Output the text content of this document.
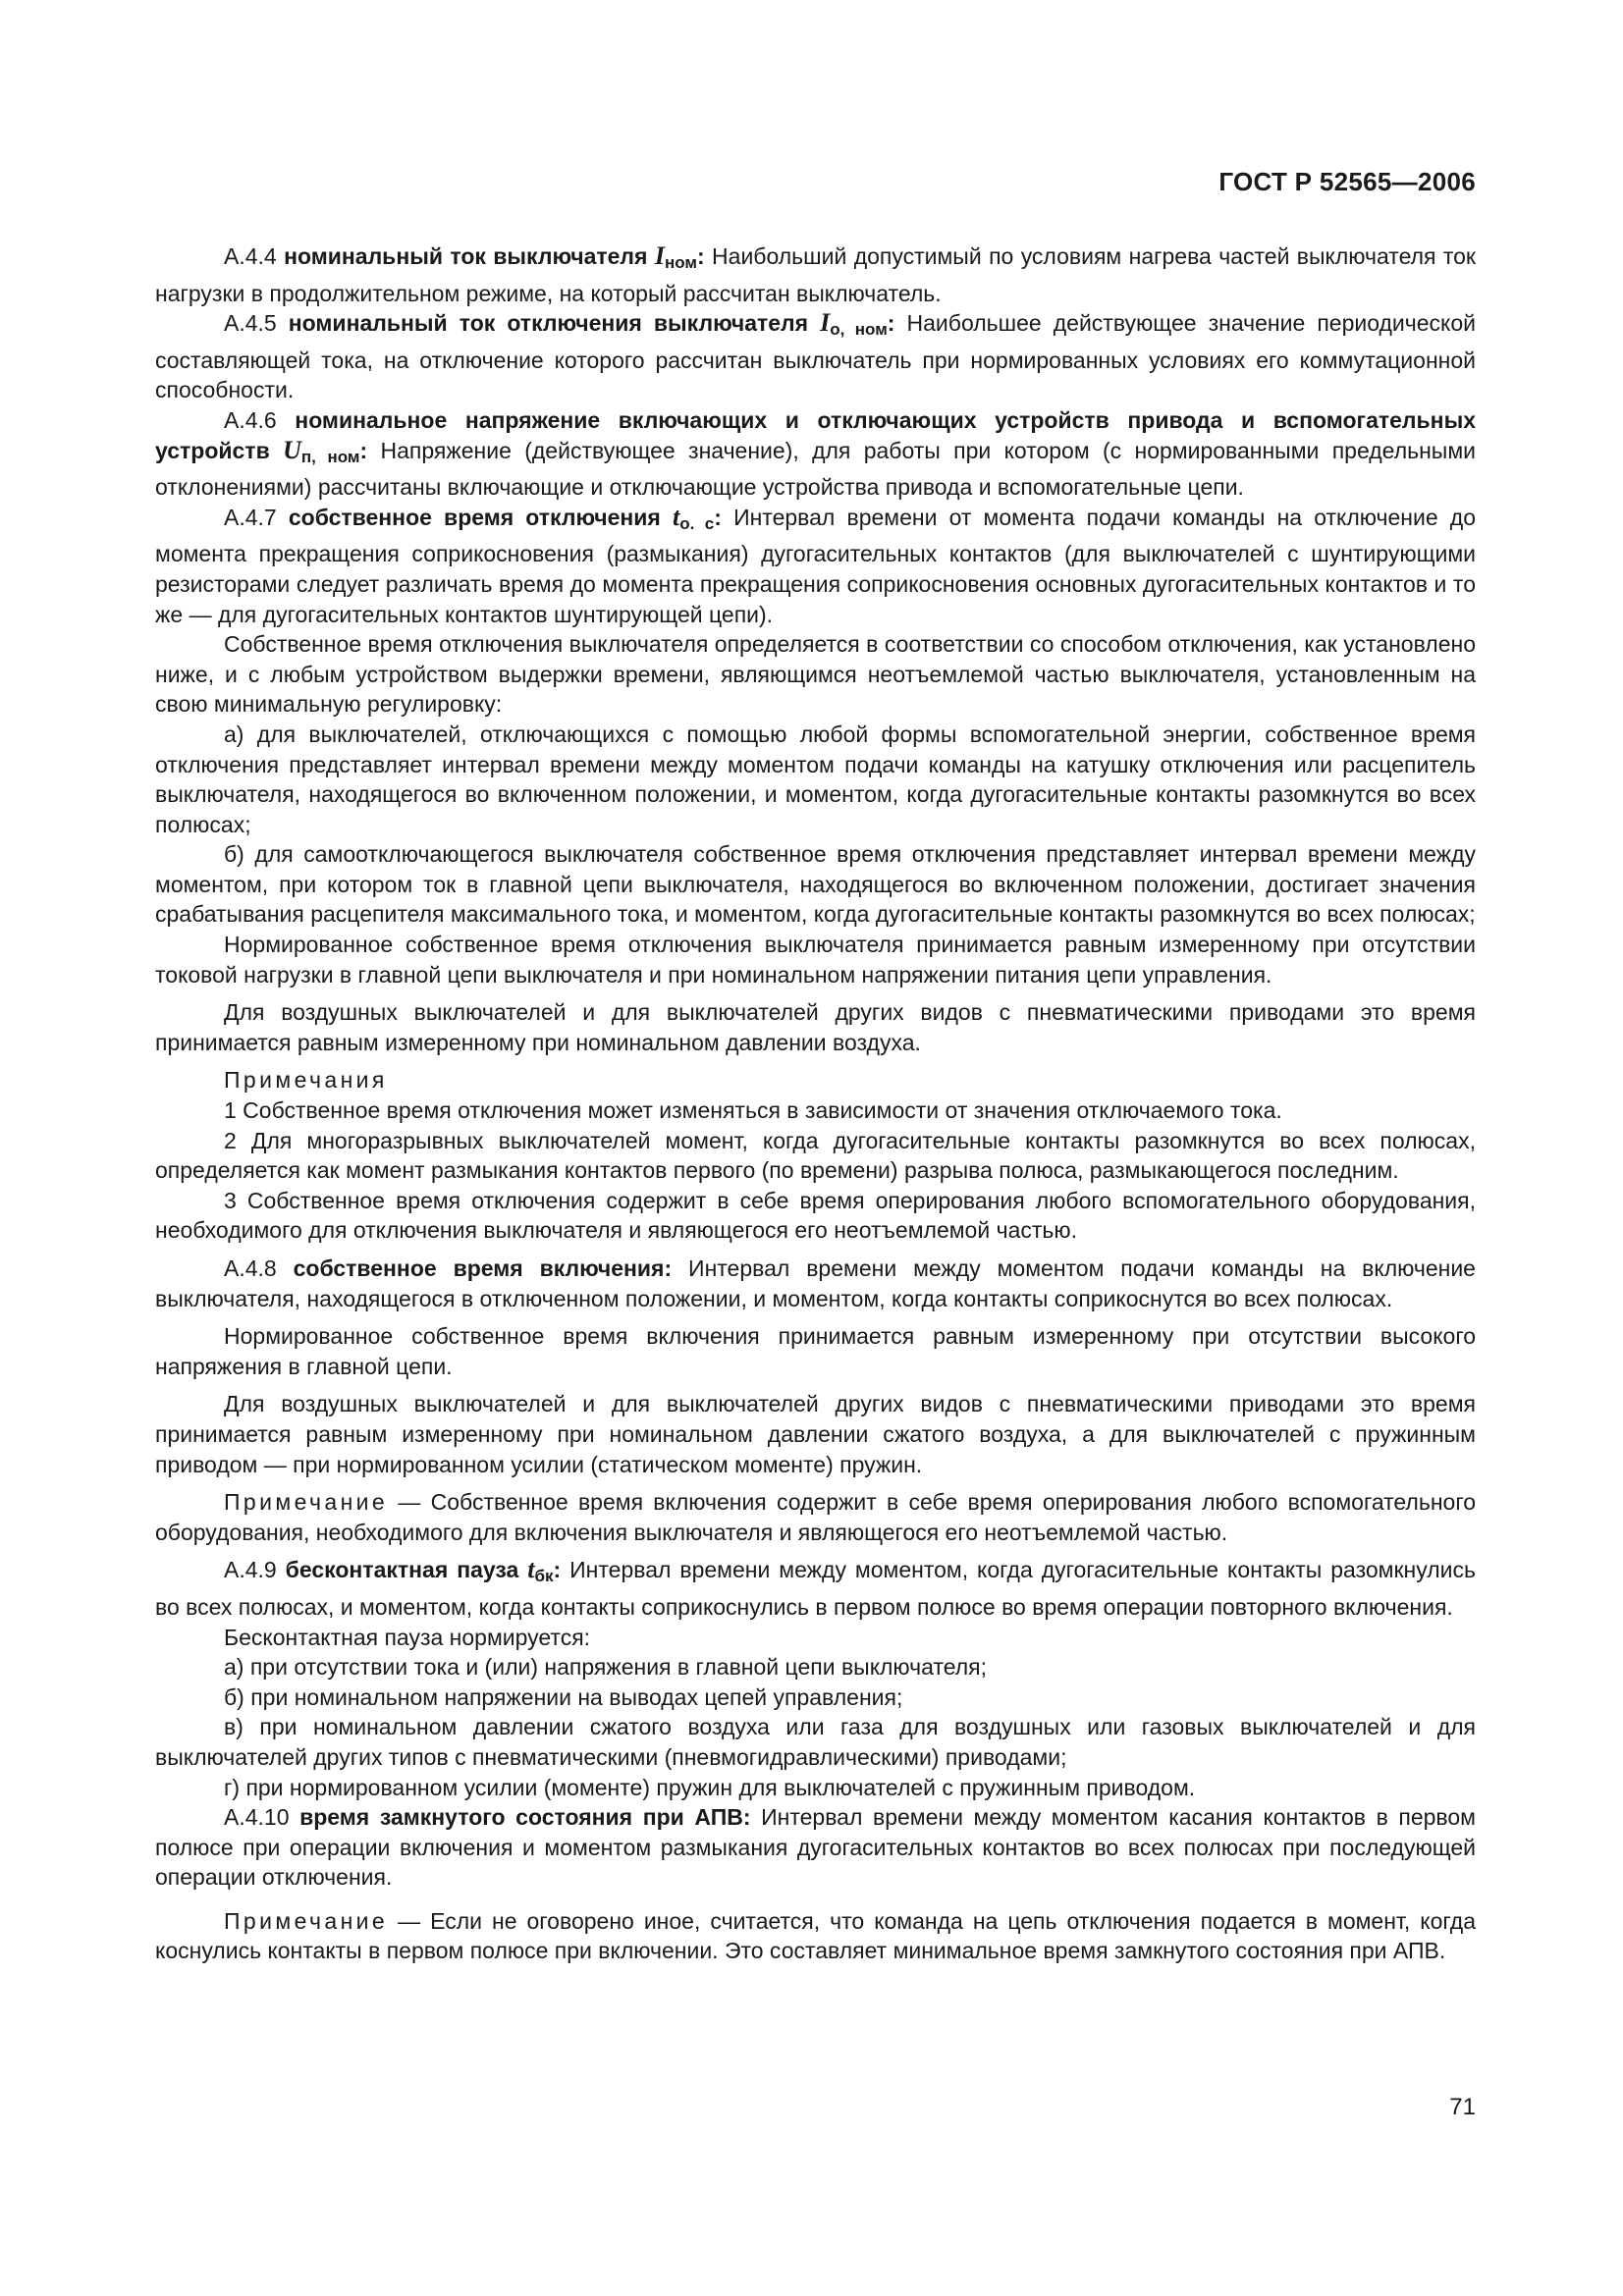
ГОСТ Р 52565—2006

А.4.4 номинальный ток выключателя $I_{ном}$: Наибольший допустимый по условиям нагрева частей выключателя ток нагрузки в продолжительном режиме, на который рассчитан выключатель.

А.4.5 номинальный ток отключения выключателя $I_{о, ном}$: Наибольшее действующее значение периодической составляющей тока, на отключение которого рассчитан выключатель при нормированных условиях его коммутационной способности.

А.4.6 номинальное напряжение включающих и отключающих устройств привода и вспомогательных устройств $U_{п, ном}$: Напряжение (действующее значение), для работы при котором (с нормированными предельными отклонениями) рассчитаны включающие и отключающие устройства привода и вспомогательные цепи.

А.4.7 собственное время отключения $t_{о. с}$: Интервал времени от момента подачи команды на отключение до момента прекращения соприкосновения (размыкания) дугогасительных контактов (для выключателей с шунтирующими резисторами следует различать время до момента прекращения соприкосновения основных дугогасительных контактов и то же — для дугогасительных контактов шунтирующей цепи).

Собственное время отключения выключателя определяется в соответствии со способом отключения, как установлено ниже, и с любым устройством выдержки времени, являющимся неотъемлемой частью выключателя, установленным на свою минимальную регулировку:

а) для выключателей, отключающихся с помощью любой формы вспомогательной энергии, собственное время отключения представляет интервал времени между моментом подачи команды на катушку отключения или расцепитель выключателя, находящегося во включенном положении, и моментом, когда дугогасительные контакты разомкнутся во всех полюсах;

б) для самоотключающегося выключателя собственное время отключения представляет интервал времени между моментом, при котором ток в главной цепи выключателя, находящегося во включенном положении, достигает значения срабатывания расцепителя максимального тока, и моментом, когда дугогасительные контакты разомкнутся во всех полюсах;

Нормированное собственное время отключения выключателя принимается равным измеренному при отсутствии токовой нагрузки в главной цепи выключателя и при номинальном напряжении питания цепи управления.

Для воздушных выключателей и для выключателей других видов с пневматическими приводами это время принимается равным измеренному при номинальном давлении воздуха.

Примечания

1 Собственное время отключения может изменяться в зависимости от значения отключаемого тока.

2 Для многоразрывных выключателей момент, когда дугогасительные контакты разомкнутся во всех полюсах, определяется как момент размыкания контактов первого (по времени) разрыва полюса, размыкающегося последним.

3 Собственное время отключения содержит в себе время оперирования любого вспомогательного оборудования, необходимого для отключения выключателя и являющегося его неотъемлемой частью.

А.4.8 собственное время включения: Интервал времени между моментом подачи команды на включение выключателя, находящегося в отключенном положении, и моментом, когда контакты соприкоснутся во всех полюсах.

Нормированное собственное время включения принимается равным измеренному при отсутствии высокого напряжения в главной цепи.

Для воздушных выключателей и для выключателей других видов с пневматическими приводами это время принимается равным измеренному при номинальном давлении сжатого воздуха, а для выключателей с пружинным приводом — при нормированном усилии (статическом моменте) пружин.

Примечание — Собственное время включения содержит в себе время оперирования любого вспомогательного оборудования, необходимого для включения выключателя и являющегося его неотъемлемой частью.

А.4.9 бесконтактная пауза $t_{бк}$: Интервал времени между моментом, когда дугогасительные контакты разомкнулись во всех полюсах, и моментом, когда контакты соприкоснулись в первом полюсе во время операции повторного включения.

Бесконтактная пауза нормируется:

а) при отсутствии тока и (или) напряжения в главной цепи выключателя;

б) при номинальном напряжении на выводах цепей управления;

в) при номинальном давлении сжатого воздуха или газа для воздушных или газовых выключателей и для выключателей других типов с пневматическими (пневмогидравлическими) приводами;

г) при нормированном усилии (моменте) пружин для выключателей с пружинным приводом.

А.4.10 время замкнутого состояния при АПВ: Интервал времени между моментом касания контактов в первом полюсе при операции включения и моментом размыкания дугогасительных контактов во всех полюсах при последующей операции отключения.

Примечание — Если не оговорено иное, считается, что команда на цепь отключения подается в момент, когда коснулись контакты в первом полюсе при включении. Это составляет минимальное время замкнутого состояния при АПВ.

71
